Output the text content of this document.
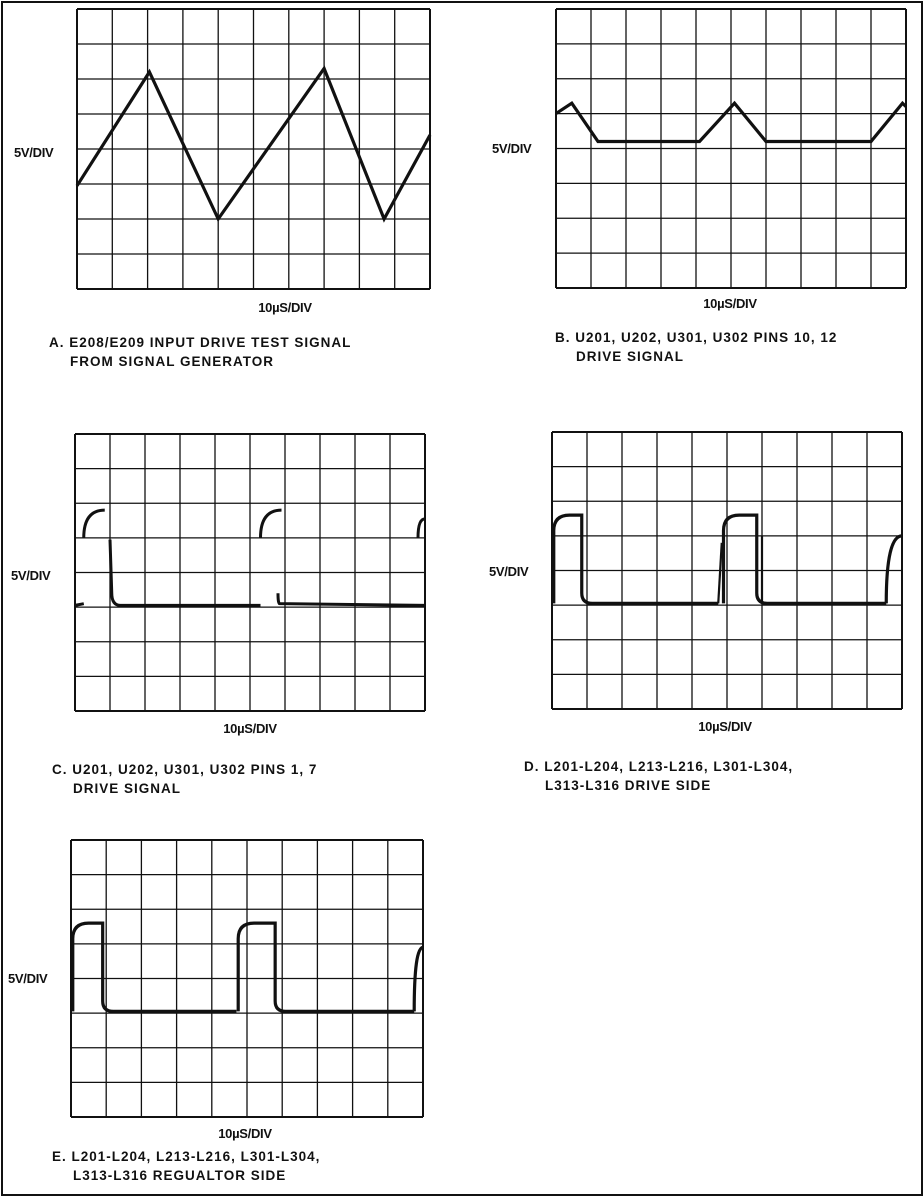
5V/DIV
10µS/DIV
A. E208/E209 INPUT DRIVE TEST SIGNAL
FROM SIGNAL GENERATOR
5V/DIV
10µS/DIV
B. U201, U202, U301, U302 PINS 10, 12
DRIVE SIGNAL
5V/DIV
10µS/DIV
C. U201, U202, U301, U302 PINS 1, 7
DRIVE SIGNAL
5V/DIV
10µS/DIV
D. L201-L204, L213-L216, L301-L304,
L313-L316 DRIVE SIDE
5V/DIV
10µS/DIV
E. L201-L204, L213-L216, L301-L304,
L313-L316 REGUALTOR SIDE
